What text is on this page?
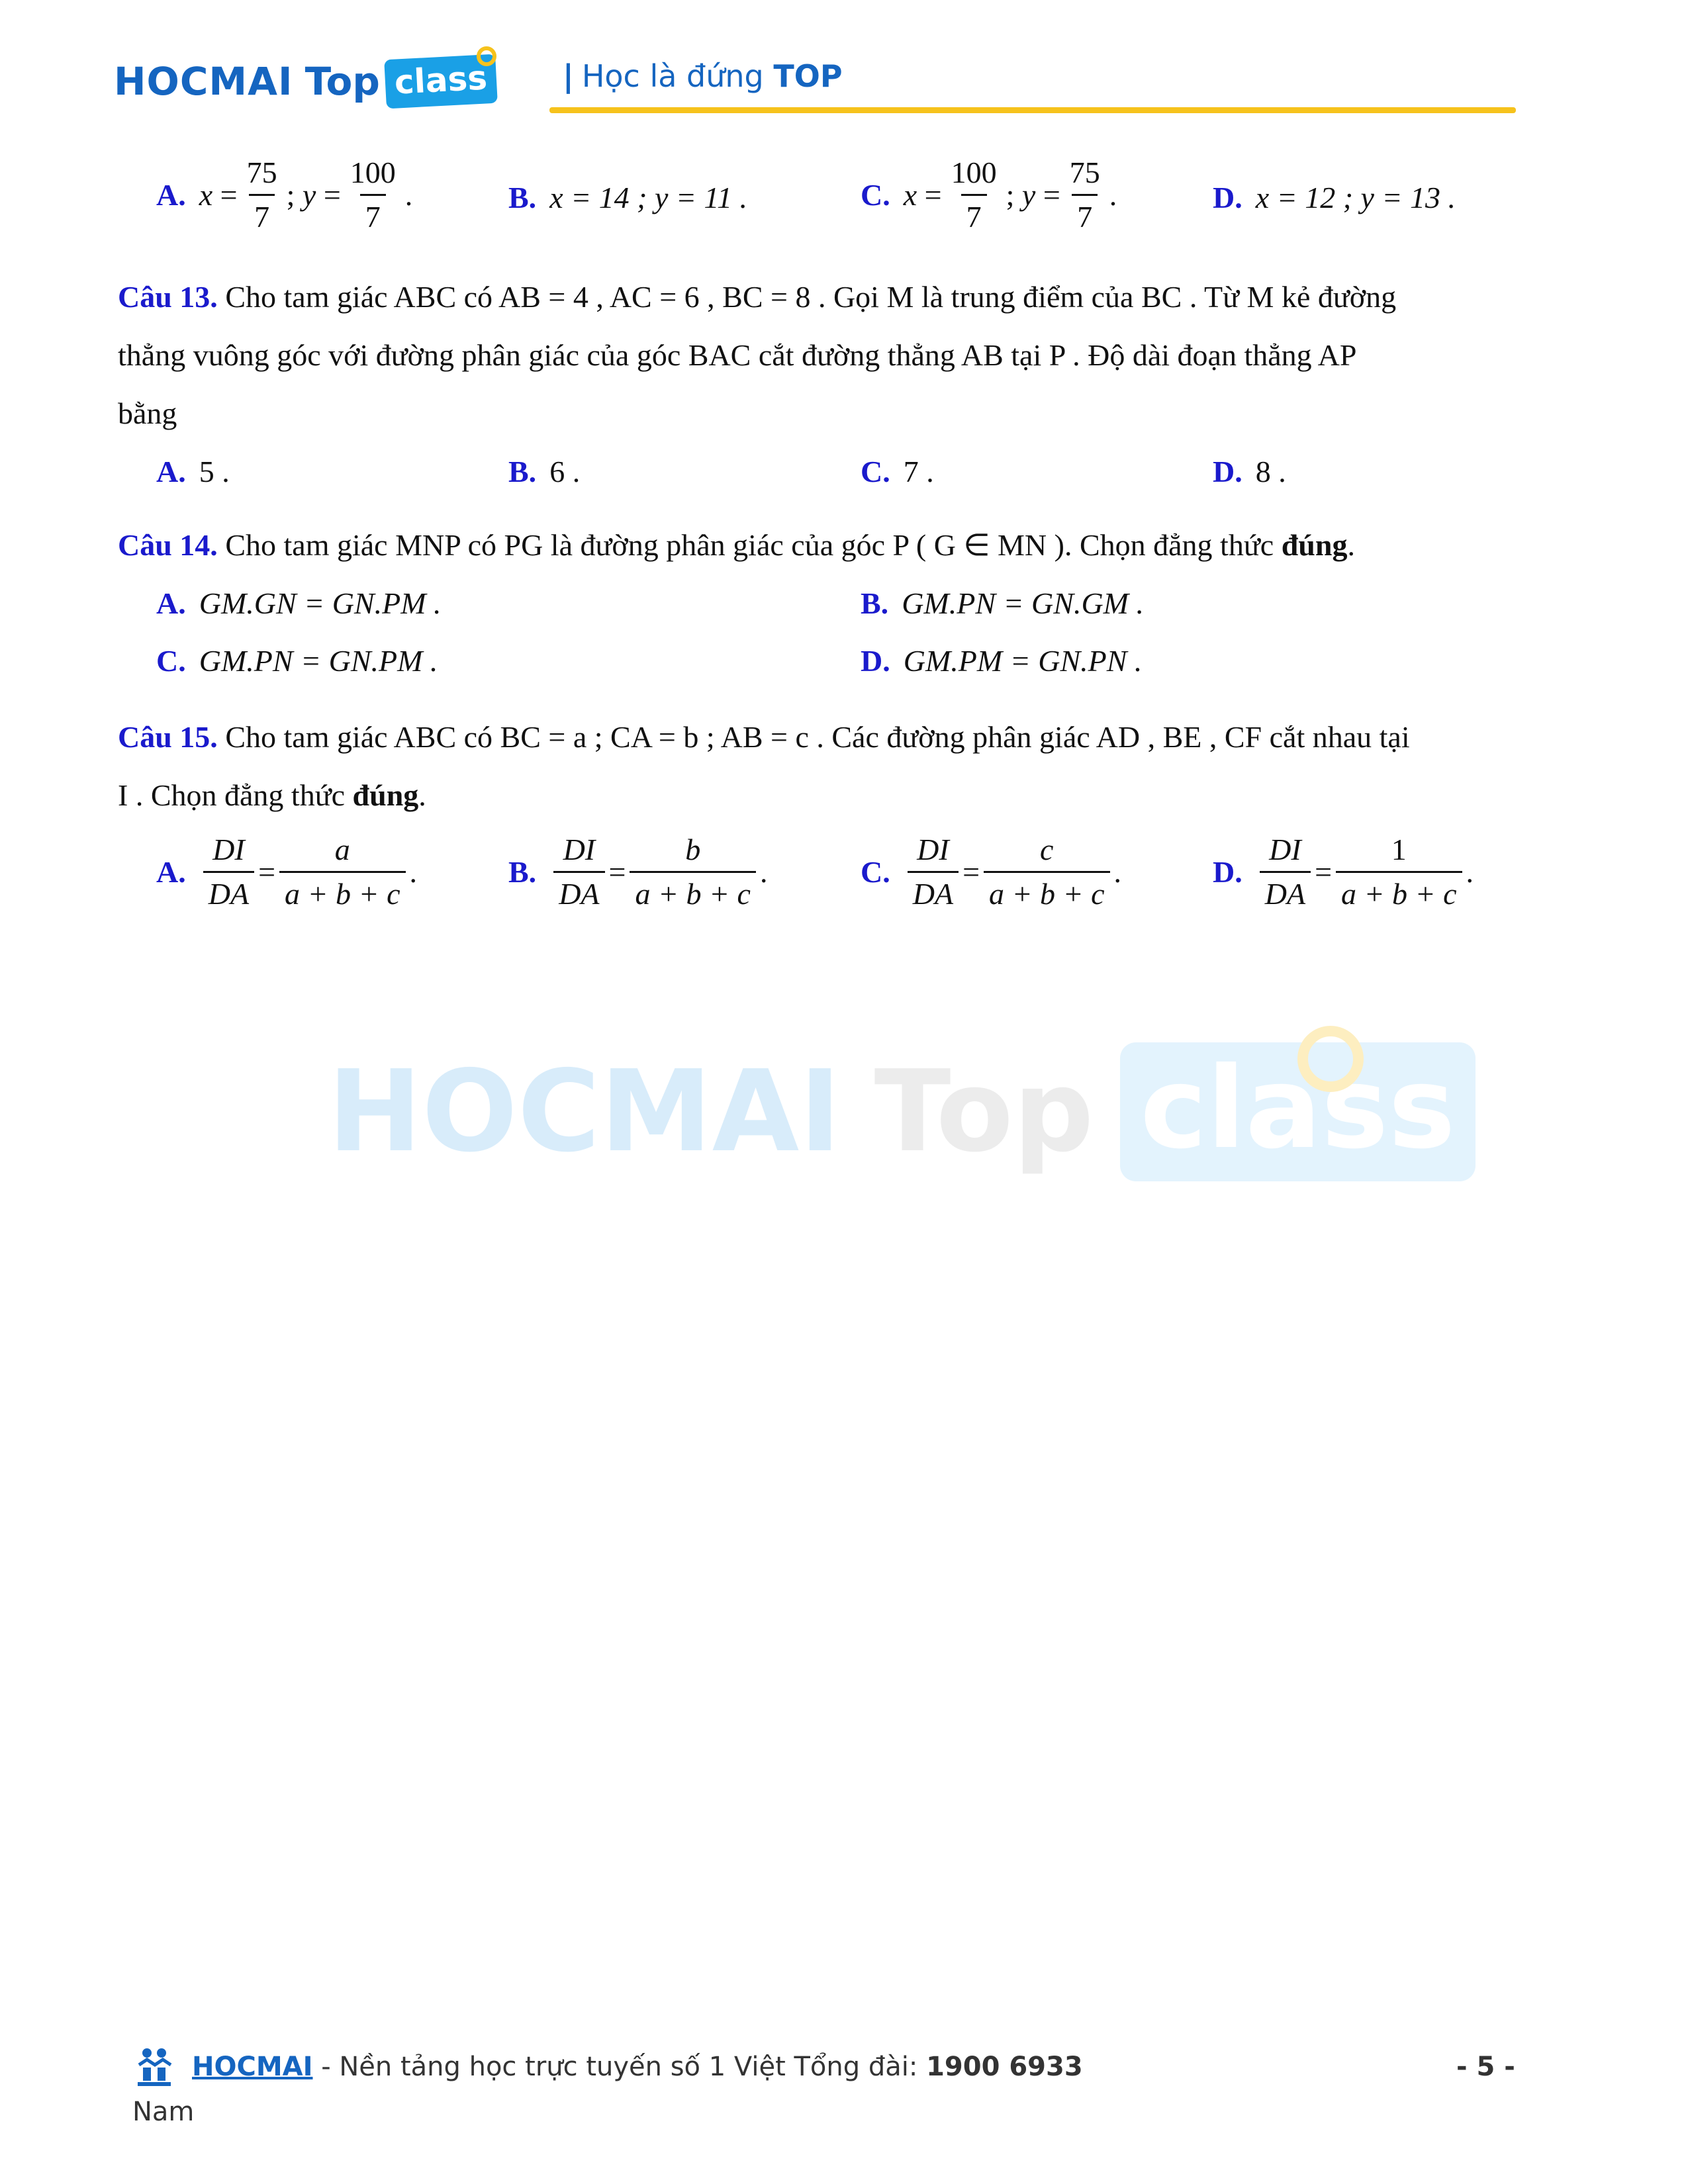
HOCMAI Top class	| Học là đứng TOP
A. $x = \frac{75}{7}$ ; $y = \frac{100}{7}$ .	B. x = 14 ; y = 11 .	C. $x = \frac{100}{7}$ ; $y = \frac{75}{7}$ .	D. x = 12 ; y = 13 .
Câu 13. Cho tam giác ABC có AB = 4 , AC = 6 , BC = 8 . Gọi M là trung điểm của BC . Từ M kẻ đường
thẳng vuông góc với đường phân giác của góc BAC cắt đường thẳng AB tại P . Độ dài đoạn thẳng AP
bằng
A. 5 .	B. 6 .	C. 7 .	D. 8 .
Câu 14. Cho tam giác MNP có PG là đường phân giác của góc P ( G ∈ MN ). Chọn đẳng thức đúng.
A. GM.GN = GN.PM .	B. GM.PN = GN.GM .
C. GM.PN = GN.PM .	D. GM.PM = GN.PN .
Câu 15. Cho tam giác ABC có BC = a ; CA = b ; AB = c . Các đường phân giác AD , BE , CF cắt nhau tại
I . Chọn đẳng thức đúng.
A. $\frac{DI}{DA} = \frac{a}{a + b + c}$ .	B. $\frac{DI}{DA} = \frac{b}{a + b + c}$ .	C. $\frac{DI}{DA} = \frac{c}{a + b + c}$ .	D. $\frac{DI}{DA} = \frac{1}{a + b + c}$ .
HOCMAI Top class
HOCMAI - Nền tảng học trực tuyến số 1 Việt Tổng đài: 1900 6933
Nam
- 5 -
